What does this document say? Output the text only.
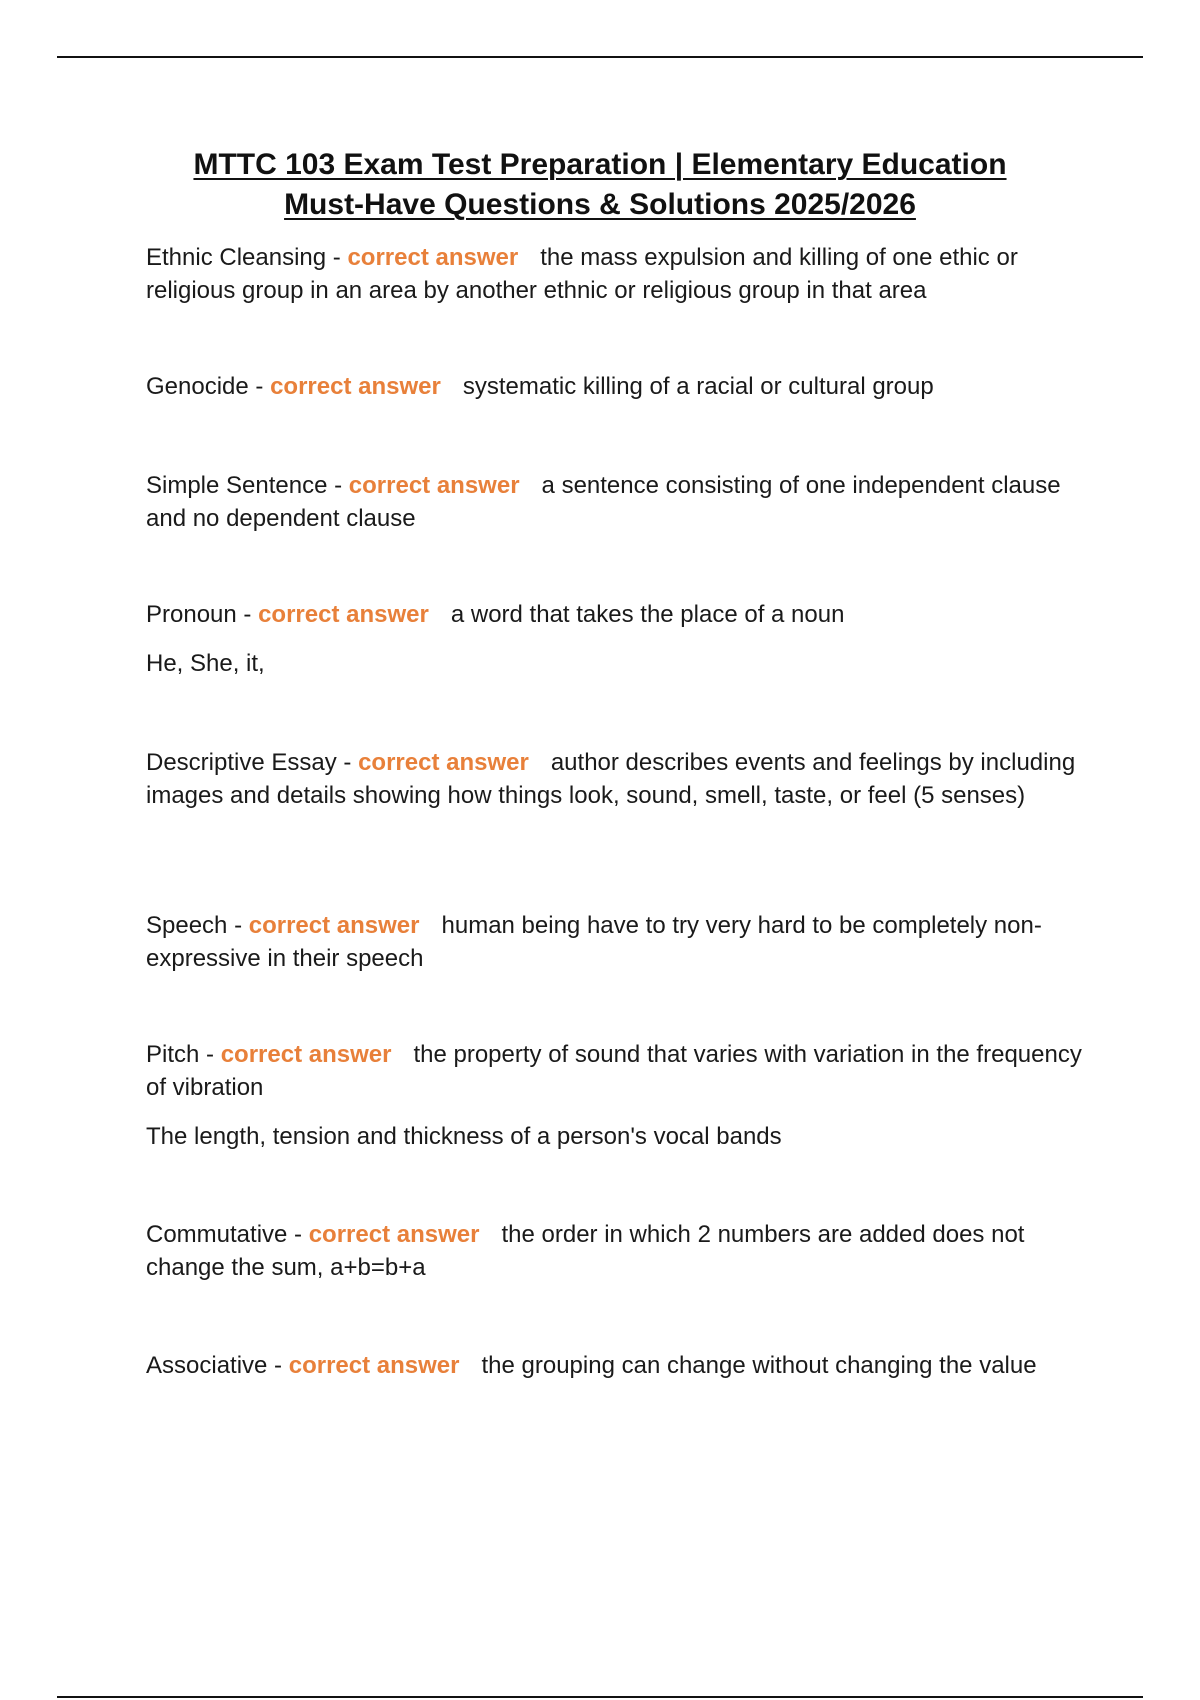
MTTC 103 Exam Test Preparation | Elementary Education
Must-Have Questions & Solutions 2025/2026

Ethnic Cleansing - correct answer the mass expulsion and killing of one ethic or religious group in an area by another ethnic or religious group in that area

Genocide - correct answer systematic killing of a racial or cultural group

Simple Sentence - correct answer a sentence consisting of one independent clause and no dependent clause

Pronoun - correct answer a word that takes the place of a noun

He, She, it,

Descriptive Essay - correct answer author describes events and feelings by including images and details showing how things look, sound, smell, taste, or feel (5 senses)

Speech - correct answer human being have to try very hard to be completely non-expressive in their speech

Pitch - correct answer the property of sound that varies with variation in the frequency of vibration

The length, tension and thickness of a person's vocal bands

Commutative - correct answer the order in which 2 numbers are added does not change the sum, a+b=b+a

Associative - correct answer the grouping can change without changing the value
